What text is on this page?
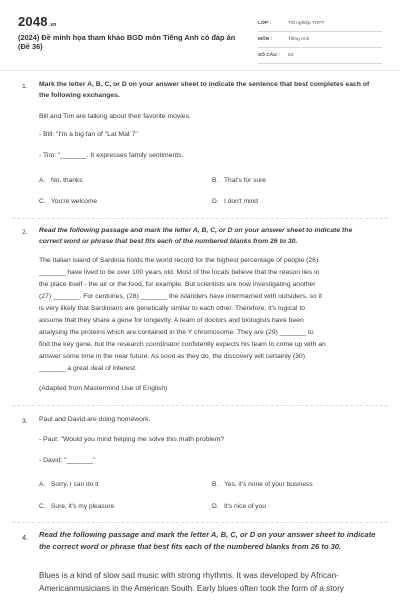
2048.vn
(2024) Đề minh họa tham khảo BGD môn Tiếng Anh có đáp án (Đề 36)
LỚP :	Tốt nghiệp THPT
MÔN :	Tiếng Anh
SỐ CÂU :	53
1. Mark the letter A, B, C, or D on your answer sheet to indicate the sentence that best completes each of the following exchanges.
Bill and Tim are talking about their favorite movies.
- Bill: "I'm a big fan of "Lat Mat 7"
- Tim: "_______. It expresses family sentiments.
A. No, thanks	B. That's for sure
C. You're welcome	D. I don't mind
2. Read the following passage and mark the letter A, B, C, or D on your answer sheet to indicate the correct word or phrase that best fits each of the numbered blanks from 26 to 30.
The Italian island of Sardinia holds the world record for the highest percentage of people (26)
_______ have lived to be over 100 years old. Most of the locals believe that the reason lies in
the place itself - the air or the food, for example. But scientists are now investigating another
(27) _______. For centuries, (28) _______ the islanders have intermarried with outsiders, so it
is very likely that Sardinians are genetically similar to each other. Therefore, it's logical to
assume that they share a gene for longevity. A team of doctors and biologists have been
analysing the proteins which are contained in the Y chromosome. They are (29) _______ to
find the key gene, but the research coordinator confidently expects his team to come up with an
answer some time in the near future. As soon as they do, the discovery will certainly (30)
_______ a great deal of interest.
(Adapted from Mastermind Use of English)
3. Paul and David are doing homework.
- Paul: "Would you mind helping me solve this math problem?
- David: "_______"
A. Sorry, I can do it	B. Yes, it's none of your business
C. Sure, it's my pleasure	D. It's nice of you
4. Read the following passage and mark the letter A, B, C, or D on your answer sheet to indicate the correct word or phrase that best fits each of the numbered blanks from 26 to 30.
Blues is a kind of slow sad music with strong rhythms. It was developed by African-
Americanmusicians in the American South. Early blues often took the form of a story
